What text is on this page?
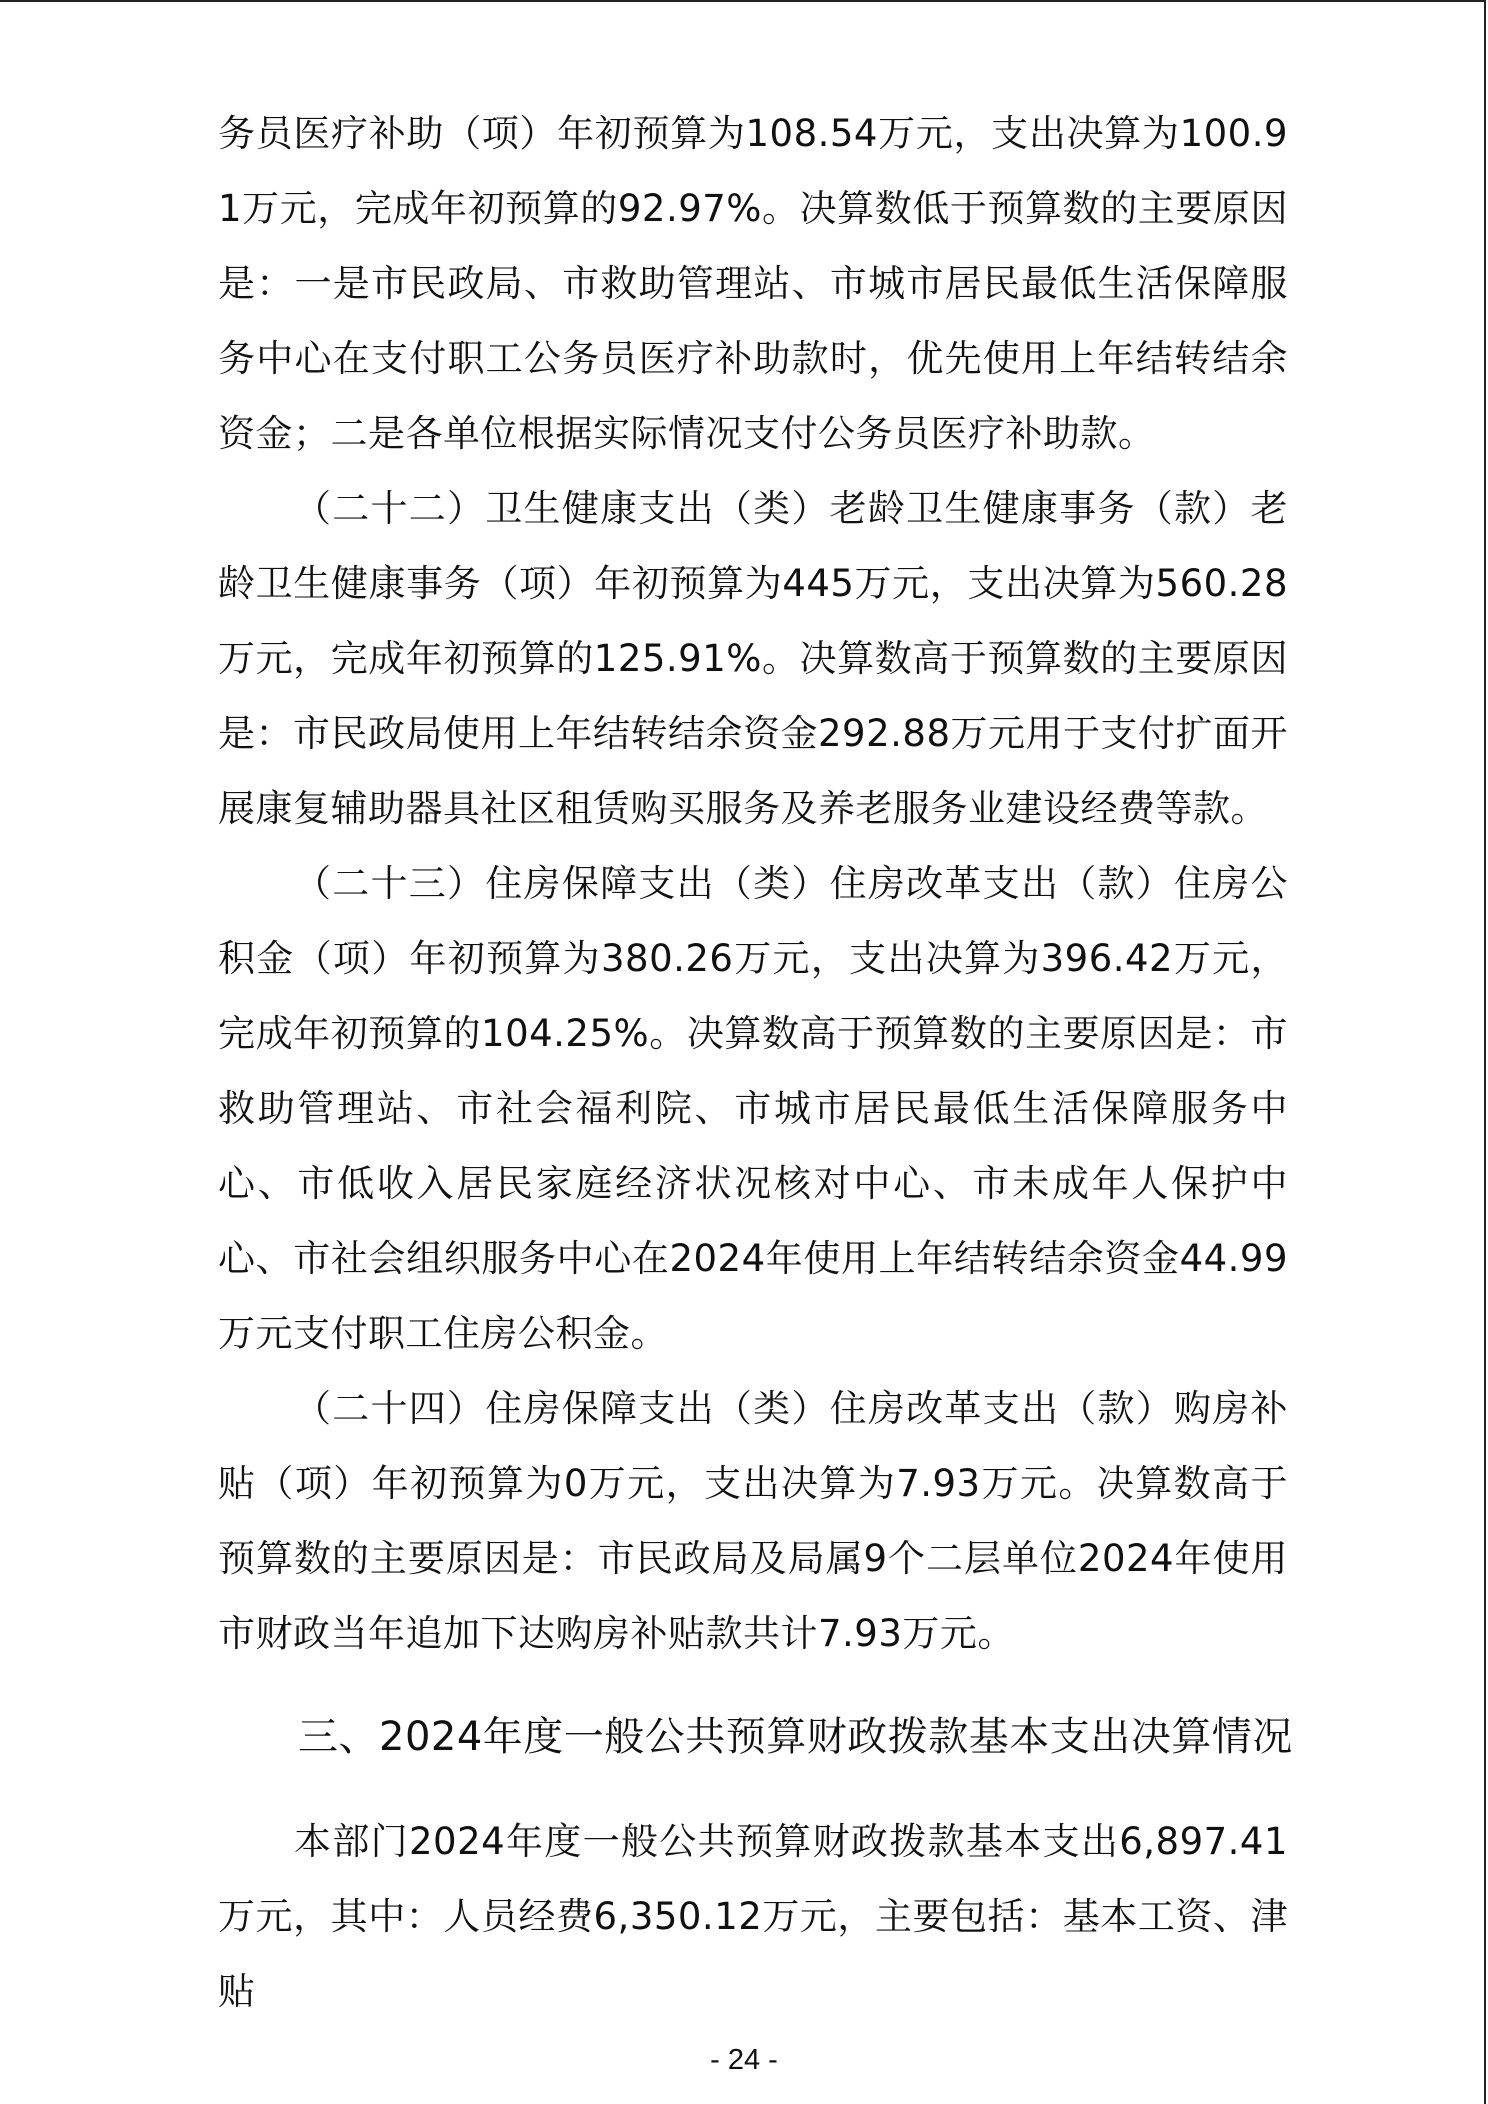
务员医疗补助（项）年初预算为108.54万元，支出决算为100.91万元，完成年初预算的92.97%。决算数低于预算数的主要原因是：一是市民政局、市救助管理站、市城市居民最低生活保障服务中心在支付职工公务员医疗补助款时，优先使用上年结转结余资金；二是各单位根据实际情况支付公务员医疗补助款。

（二十二）卫生健康支出（类）老龄卫生健康事务（款）老龄卫生健康事务（项）年初预算为445万元，支出决算为560.28万元，完成年初预算的125.91%。决算数高于预算数的主要原因是：市民政局使用上年结转结余资金292.88万元用于支付扩面开展康复辅助器具社区租赁购买服务及养老服务业建设经费等款。

（二十三）住房保障支出（类）住房改革支出（款）住房公积金（项）年初预算为380.26万元，支出决算为396.42万元，完成年初预算的104.25%。决算数高于预算数的主要原因是：市救助管理站、市社会福利院、市城市居民最低生活保障服务中心、市低收入居民家庭经济状况核对中心、市未成年人保护中心、市社会组织服务中心在2024年使用上年结转结余资金44.99万元支付职工住房公积金。

（二十四）住房保障支出（类）住房改革支出（款）购房补贴（项）年初预算为0万元，支出决算为7.93万元。决算数高于预算数的主要原因是：市民政局及局属9个二层单位2024年使用市财政当年追加下达购房补贴款共计7.93万元。

三、2024年度一般公共预算财政拨款基本支出决算情况

本部门2024年度一般公共预算财政拨款基本支出6,897.41万元，其中：人员经费6,350.12万元，主要包括：基本工资、津贴

- 24 -
